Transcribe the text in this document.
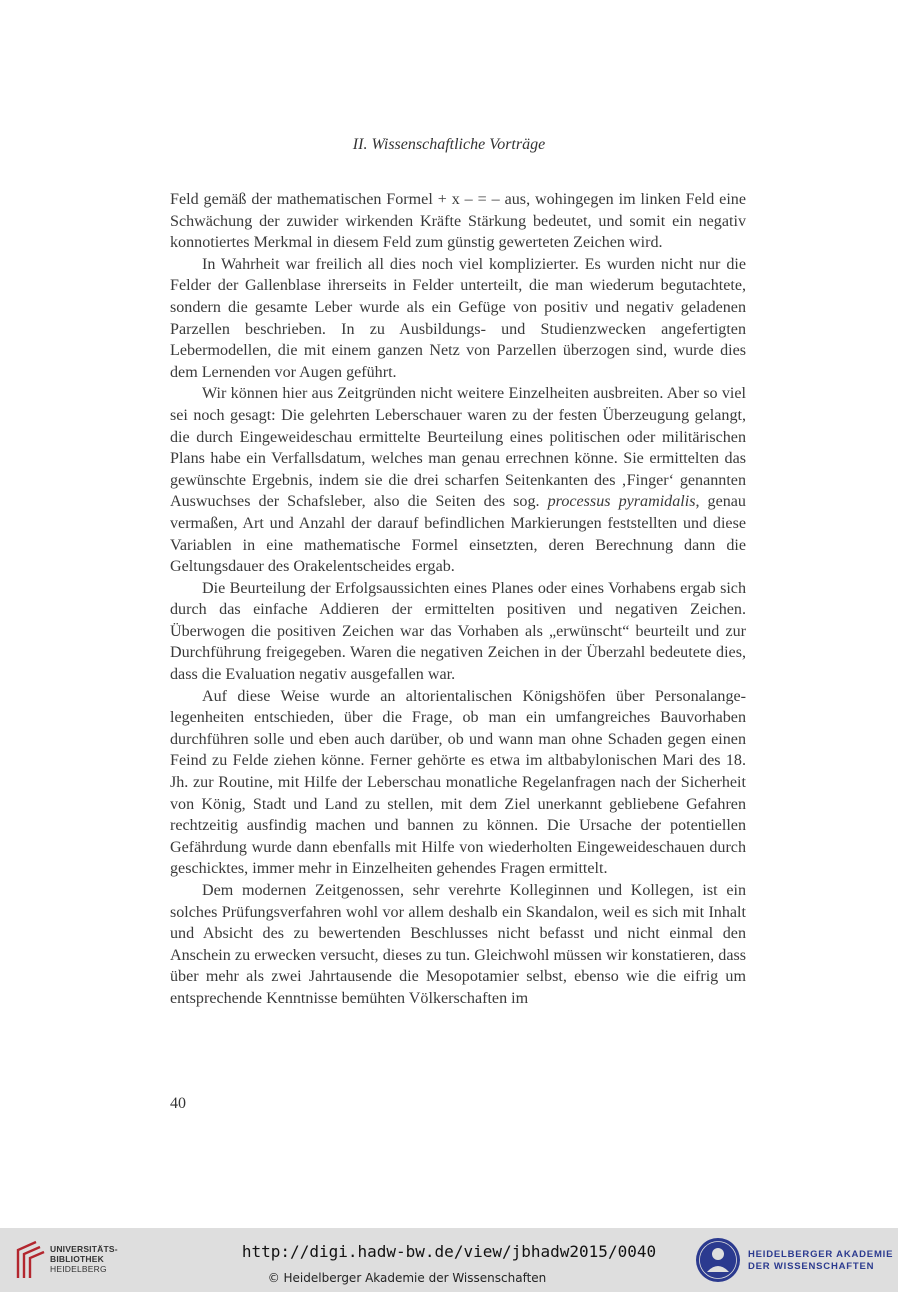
II. Wissenschaftliche Vorträge

Feld gemäß der mathematischen Formel + x – = – aus, wohingegen im linken Feld eine Schwächung der zuwider wirkenden Kräfte Stärkung bedeutet, und somit ein negativ konnotiertes Merkmal in diesem Feld zum günstig gewerteten Zeichen wird.

In Wahrheit war freilich all dies noch viel komplizierter. Es wurden nicht nur die Felder der Gallenblase ihrerseits in Felder unterteilt, die man wiederum begutachtete, sondern die gesamte Leber wurde als ein Gefüge von positiv und negativ geladenen Parzellen beschrieben. In zu Ausbildungs- und Studienzwecken angefertigten Lebermodellen, die mit einem ganzen Netz von Parzellen überzogen sind, wurde dies dem Lernenden vor Augen geführt.

Wir können hier aus Zeitgründen nicht weitere Einzelheiten ausbreiten. Aber so viel sei noch gesagt: Die gelehrten Leberschauer waren zu der festen Überzeugung gelangt, die durch Eingeweideschau ermittelte Beurteilung eines politischen oder militärischen Plans habe ein Verfallsdatum, welches man genau errechnen könne. Sie ermittelten das gewünschte Ergebnis, indem sie die drei scharfen Seitenkanten des ‚Finger‘ genannten Auswuchses der Schafsleber, also die Seiten des sog. processus pyramidalis, genau vermaßen, Art und Anzahl der darauf befindlichen Markierungen feststellten und diese Variablen in eine mathematische Formel einsetzten, deren Berechnung dann die Geltungsdauer des Orakelentscheides ergab.

Die Beurteilung der Erfolgsaussichten eines Planes oder eines Vorhabens ergab sich durch das einfache Addieren der ermittelten positiven und negativen Zeichen. Überwogen die positiven Zeichen war das Vorhaben als „erwünscht“ beurteilt und zur Durchführung freigegeben. Waren die negativen Zeichen in der Überzahl bedeutete dies, dass die Evaluation negativ ausgefallen war.

Auf diese Weise wurde an altorientalischen Königshöfen über Personalangelegenheiten entschieden, über die Frage, ob man ein umfangreiches Bauvorhaben durchführen solle und eben auch darüber, ob und wann man ohne Schaden gegen einen Feind zu Felde ziehen könne. Ferner gehörte es etwa im altbabylonischen Mari des 18. Jh. zur Routine, mit Hilfe der Leberschau monatliche Regelanfragen nach der Sicherheit von König, Stadt und Land zu stellen, mit dem Ziel unerkannt gebliebene Gefahren rechtzeitig ausfindig machen und bannen zu können. Die Ursache der potentiellen Gefährdung wurde dann ebenfalls mit Hilfe von wiederholten Eingeweideschauen durch geschicktes, immer mehr in Einzelheiten gehendes Fragen ermittelt.

Dem modernen Zeitgenossen, sehr verehrte Kolleginnen und Kollegen, ist ein solches Prüfungsverfahren wohl vor allem deshalb ein Skandalon, weil es sich mit Inhalt und Absicht des zu bewertenden Beschlusses nicht befasst und nicht einmal den Anschein zu erwecken versucht, dieses zu tun. Gleichwohl müssen wir konstatieren, dass über mehr als zwei Jahrtausende die Mesopotamier selbst, ebenso wie die eifrig um entsprechende Kenntnisse bemühten Völkerschaften im

40
UNIVERSITÄTS-
BIBLIOTHEK
HEIDELBERG
http://digi.hadw-bw.de/view/jbhadw2015/0040
© Heidelberger Akademie der Wissenschaften
HEIDELBERGER AKADEMIE
DER WISSENSCHAFTEN
